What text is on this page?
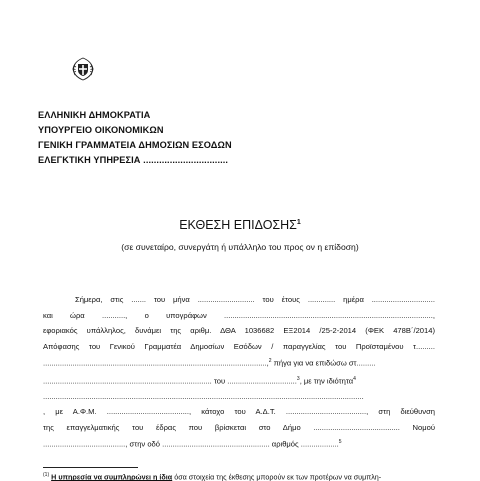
ΕΛΛΗΝΙΚΗ ΔΗΜΟΚΡΑΤΙΑ
ΥΠΟΥΡΓΕΙΟ ΟΙΚΟΝΟΜΙΚΩΝ
ΓΕΝΙΚΗ ΓΡΑΜΜΑΤΕΙΑ ΔΗΜΟΣΙΩΝ ΕΣΟΔΩΝ
ΕΛΕΓΚΤΙΚΗ ΥΠΗΡΕΣΙΑ ................................
ΕΚΘΕΣΗ ΕΠΙΔΟΣΗΣ$^1$
(σε συνεταίρο, συνεργάτη ή υπάλληλο του προς ον η επίδοση)
Σήμερα, στις ....... του μήνα ........................... του έτους ............. ημέρα ..............................
και ώρα ..........., ο υπογράφων ...................................................................................................,
εφοριακός υπάλληλος, δυνάμει της αριθμ. ΔΘΑ 1036682 ΕΞ2014 /25-2-2014 (ΦΕΚ 478Β΄/2014)
Απόφασης του Γενικού Γραμματέα Δημοσίων Εσόδων / παραγγελίας του Προϊσταμένου τ.........
..........................................................................................................,$^2$ πήγα για να επιδώσω στ.........
................................................................................ του .................................$^3$, με την ιδιότητα$^4$
........................................................................................................................................................
, με Α.Φ.Μ. ......................................., κάτοχο του Α.Δ.Τ. ......................................, στη διεύθυνση
της επαγγελματικής του έδρας που βρίσκεται στο Δήμο ......................................... Νομού
......................................., στην οδό ................................................... αριθμός ..................$^5$
$^{(1)}$ Η υπηρεσία να συμπληρώνει η ίδια όσα στοιχεία της έκθεσης μπορούν εκ των προτέρων να συμπλη-
